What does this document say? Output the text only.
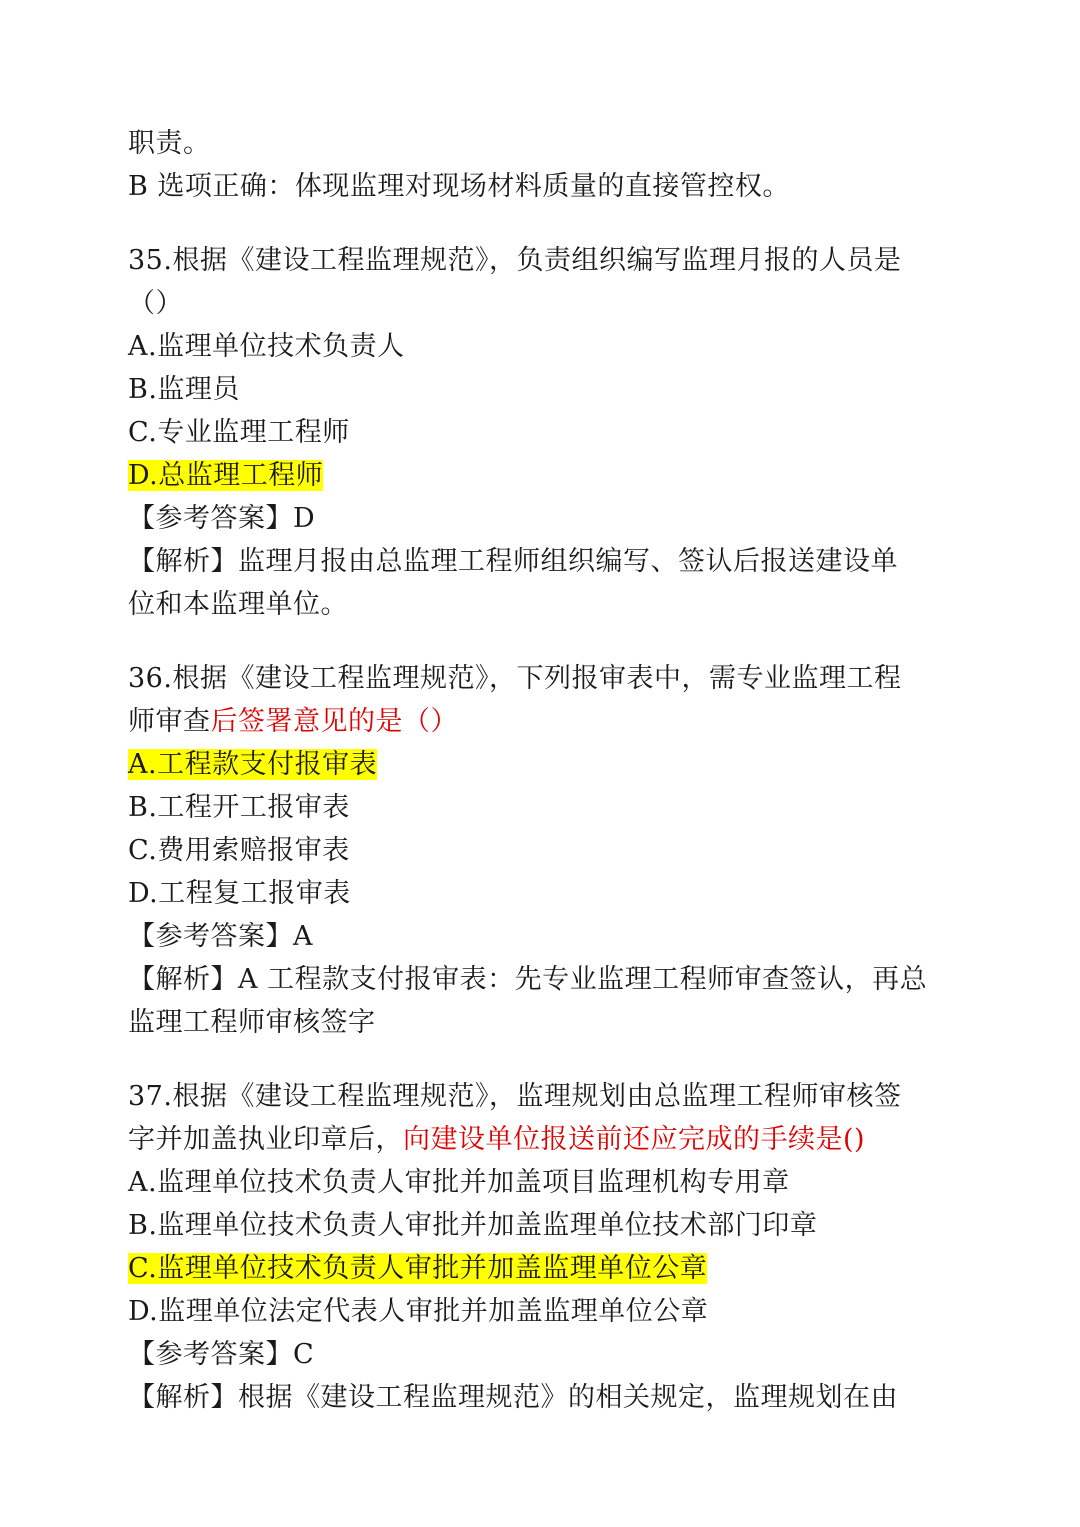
职责。
B 选项正确：体现监理对现场材料质量的直接管控权。
35.根据《建设工程监理规范》，负责组织编写监理月报的人员是
（）
A.监理单位技术负责人
B.监理员
C.专业监理工程师
D.总监理工程师
【参考答案】D
【解析】监理月报由总监理工程师组织编写、签认后报送建设单
位和本监理单位。
36.根据《建设工程监理规范》，下列报审表中，需专业监理工程
师审查后签署意见的是（）
A.工程款支付报审表
B.工程开工报审表
C.费用索赔报审表
D.工程复工报审表
【参考答案】A
【解析】A 工程款支付报审表：先专业监理工程师审查签认，再总
监理工程师审核签字
37.根据《建设工程监理规范》，监理规划由总监理工程师审核签
字并加盖执业印章后，向建设单位报送前还应完成的手续是()
A.监理单位技术负责人审批并加盖项目监理机构专用章
B.监理单位技术负责人审批并加盖监理单位技术部门印章
C.监理单位技术负责人审批并加盖监理单位公章
D.监理单位法定代表人审批并加盖监理单位公章
【参考答案】C
【解析】根据《建设工程监理规范》的相关规定，监理规划在由
